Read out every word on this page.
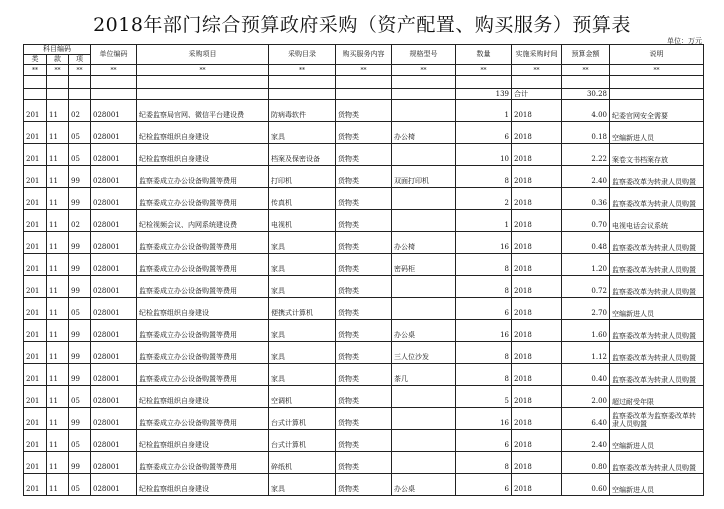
2018年部门综合预算政府采购（资产配置、购买服务）预算表
单位：万元
科目编码			单位编码	采购项目	采购目录	购买服务内容	规格型号	数量	实施采购时间	预算金额	说明
类	款	项									
**	**	**	**	**	**	**	**	**	**	**	**

								139	合计	30.28	
201	11	02	028001	纪委监察局官网、微信平台建设费	防病毒软件	货物类		1	2018	4.00	纪委官网安全需要
201	11	05	028001	纪检监察组织自身建设	家具	货物类	办公椅	6	2018	0.18	空编新进人员
201	11	05	028001	纪检监察组织自身建设	档案及保密设备	货物类		10	2018	2.22	案卷文书档案存放
201	11	99	028001	监察委成立办公设备购置等费用	打印机	货物类	双面打印机	8	2018	2.40	监察委改革为转隶人员购置
201	11	99	028001	监察委成立办公设备购置等费用	传真机	货物类		2	2018	0.36	监察委改革为转隶人员购置
201	11	02	028001	纪检视频会议、内网系统建设费	电视机	货物类		1	2018	0.70	电视电话会议系统
201	11	99	028001	监察委成立办公设备购置等费用	家具	货物类	办公椅	16	2018	0.48	监察委改革为转隶人员购置
201	11	99	028001	监察委成立办公设备购置等费用	家具	货物类	密码柜	8	2018	1.20	监察委改革为转隶人员购置
201	11	99	028001	监察委成立办公设备购置等费用	家具	货物类		8	2018	0.72	监察委改革为转隶人员购置
201	11	05	028001	纪检监察组织自身建设	便携式计算机	货物类		6	2018	2.70	空编新进人员
201	11	99	028001	监察委成立办公设备购置等费用	家具	货物类	办公桌	16	2018	1.60	监察委改革为转隶人员购置
201	11	99	028001	监察委成立办公设备购置等费用	家具	货物类	三人位沙发	8	2018	1.12	监察委改革为转隶人员购置
201	11	99	028001	监察委成立办公设备购置等费用	家具	货物类	茶几	8	2018	0.40	监察委改革为转隶人员购置
201	11	05	028001	纪检监察组织自身建设	空调机	货物类		5	2018	2.00	超过耐受年限
201	11	99	028001	监察委成立办公设备购置等费用	台式计算机	货物类		16	2018	6.40	监察委改革为监察委改革转隶人员购置
201	11	05	028001	纪检监察组织自身建设	台式计算机	货物类		6	2018	2.40	空编新进人员
201	11	99	028001	监察委成立办公设备购置等费用	碎纸机	货物类		8	2018	0.80	监察委改革为转隶人员购置
201	11	05	028001	纪检监察组织自身建设	家具	货物类	办公桌	6	2018	0.60	空编新进人员
